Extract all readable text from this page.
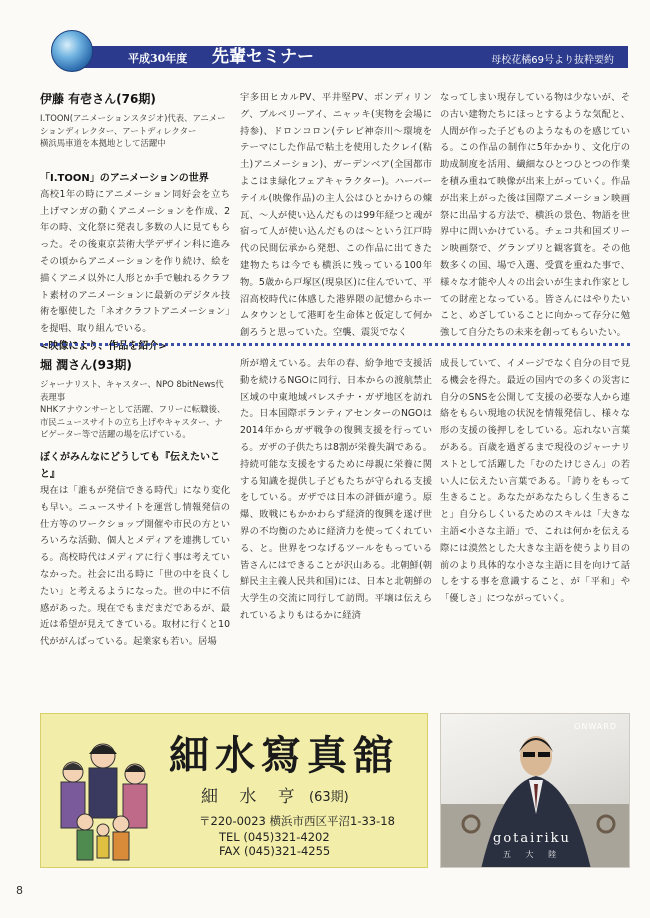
平成30年度 先輩セミナー	母校花橘69号より抜粋要約
伊藤 有壱さん(76期)
I.TOON(アニメーションスタジオ)代表、アニメーションディレクター、アートディレクター
横浜馬車道を本拠地として活躍中
「I.TOON」のアニメーションの世界

高校1年の時にアニメーション同好会を立ち上げマンガの動くアニメーションを作成、2年の時、文化祭に発表し多数の人に見てもらった。その後東京芸術大学デザイン科に進みその頃からアニメーションを作り続け、絵を描くアニメ以外に人形とか手で触れるクラフト素材のアニメーションに最新のデジタル技術を駆使した「ネオクラフトアニメーション」を提唱、取り組んでいる。

<映像により、作品を紹介>

宇多田ヒカルPV、平井堅PV、ボンディリング、ブルベリーアイ、ニャッキ(実物を会場に持参)、ドロンコロン(テレビ神奈川〜環境をテーマにした作品で粘土を使用したクレイ(粘土)アニメーション)、ガーデンベア(全国都市よこはま緑化フェアキャラクター)。ハーバーテイル(映像作品)の主人公はひとかけらの煉瓦、〜人が使い込んだものは99年経つと魂が宿って人が使い込んだものは〜という江戸時代の民間伝承から発想、この作品に出てきた建物たちは今でも横浜に残っている100年物。5歳から戸塚区(現泉区)に住んでいて、平沼高校時代に体感した港界隈の記憶からホームタウンとして港町を生命体と仮定して何か創ろうと思っていた。空襲、震災でなく

なってしまい現存している物は少ないが、その古い建物たちにほっとするような気配と、人間が作った子どものようなものを感じている。この作品の制作に5年かかり、文化庁の助成制度を活用、繊細なひとつひとつの作業を積み重ねて映像が出来上がっていく。作品が出来上がった後は国際アニメーション映画祭に出品する方法で、横浜の景色、物語を世界中に問いかけている。チェコ共和国ズリーン映画祭で、グランプリと観客賞を。その他数多くの国、場で入選、受賞を重ねた事で、様々な才能や人々の出会いが生まれ作家としての財産となっている。皆さんにはやりたいこと、めざしていることに向かって存分に勉強して自分たちの未来を創ってもらいたい。

堀 潤さん(93期)
ジャーナリスト、キャスター、NPO 8bitNews代表理事
NHKアナウンサーとして活躍、フリーに転職後、市民ニュースサイトの立ち上げやキャスター、ナビゲーター等で活躍の場を広げている。
ぼくがみんなにどうしても『伝えたいこと』

現在は「誰もが発信できる時代」になり変化も早い。ニュースサイトを運営し情報発信の仕方等のワークショップ開催や市民の方といろいろな活動、個人とメディアを連携している。高校時代はメディアに行く事は考えていなかった。社会に出る時に「世の中を良くしたい」と考えるようになった。世の中に不信感があった。現在でもまだまだであるが、最近は希望が見えてきている。取材に行くと10代ががんばっている。起業家も若い。居場

所が増えている。去年の春、紛争地で支援活動を続けるNGOに同行、日本からの渡航禁止区域の中東地域パレスチナ・ガザ地区を訪れた。日本国際ボランティアセンターのNGOは2014年からガザ戦争の復興支援を行っている。ガザの子供たちは8割が栄養失調である。持続可能な支援をするために母親に栄養に関する知識を提供し子どもたちが守られる支援をしている。ガザでは日本の評価が違う。原爆、敗戦にもかかわらず経済的復興を遂げ世界の不均衡のために経済力を使ってくれている、と。世界をつなげるツールをもっている皆さんにはできることが沢山ある。北朝鮮(朝鮮民主主義人民共和国)には、日本と北朝鮮の大学生の交流に同行して訪問。平壌は伝えられているよりもはるかに経済

成長していて、イメージでなく自分の目で見る機会を得た。最近の国内での多くの災害に自分のSNSを公開して支援の必要な人から連絡をもらい現地の状況を情報発信し、様々な形の支援の後押しをしている。忘れない言葉がある。百歳を過ぎるまで現役のジャーナリストとして活躍した「むのたけじさん」の若い人に伝えたい言葉である。「誇りをもって生きること。あなたがあなたらしく生きること」自分らしくいるためのスキルは「大きな主語<小さな主語」で、これは何かを伝える際には漠然とした大きな主語を使うより目の前のより具体的な小さな主語に目を向けて話しをする事を意識すること、が「平和」や「優しさ」につながっていく。

細水寫真舘
細 水 亨 (63期)
〒220-0023 横浜市西区平沼1-33-18
TEL (045)321-4202
FAX (045)321-4255
ONWARD
gotairiku
五 大 陸
8
